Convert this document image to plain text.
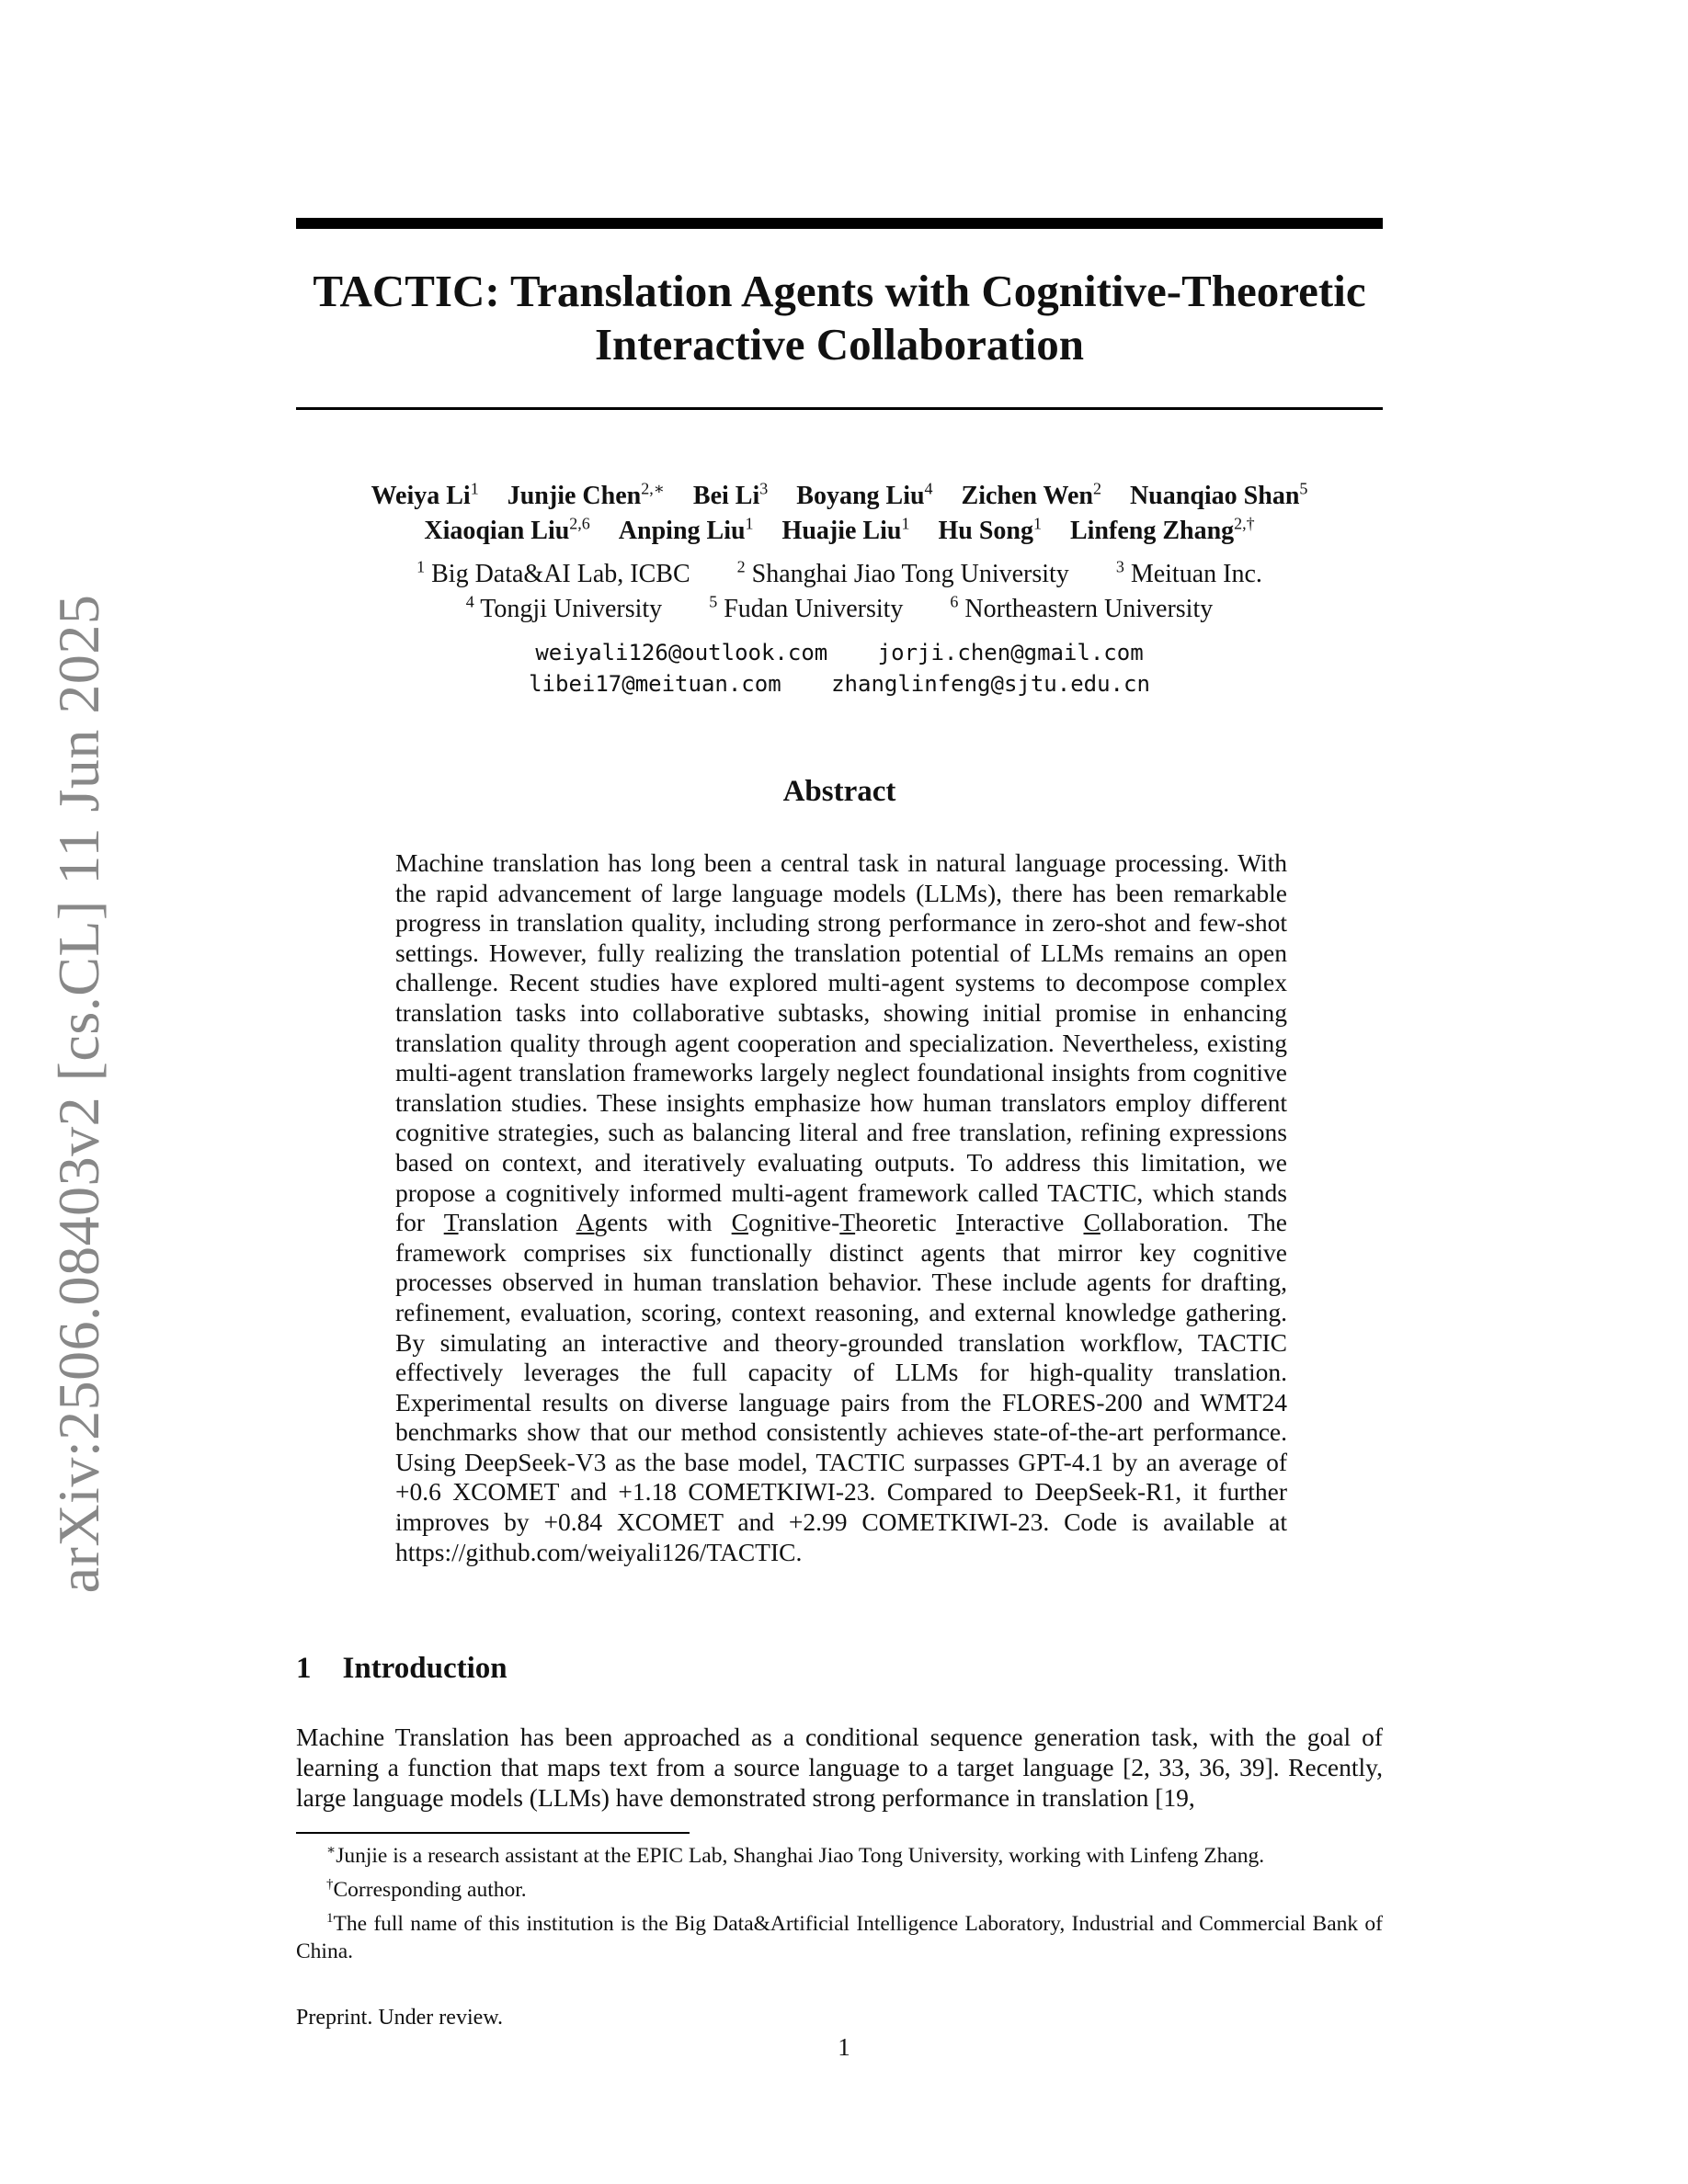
arXiv:2506.08403v2 [cs.CL] 11 Jun 2025
TACTIC: Translation Agents with Cognitive-Theoretic
Interactive Collaboration
Weiya Li$^1$ Junjie Chen$^{2,∗}$ Bei Li$^3$ Boyang Liu$^4$ Zichen Wen$^2$ Nuanqiao Shan$^5$
Xiaoqian Liu$^{2,6}$ Anping Liu$^1$ Huajie Liu$^1$ Hu Song$^1$ Linfeng Zhang$^{2,\dagger}$
$^1$ Big Data&AI Lab, ICBC	$^2$ Shanghai Jiao Tong University	$^3$ Meituan Inc.
$^4$ Tongji University	$^5$ Fudan University	$^6$ Northeastern University
weiyali126@outlook.com jorji.chen@gmail.com
libei17@meituan.com zhanglinfeng@sjtu.edu.cn
Abstract
Machine translation has long been a central task in natural language processing. With the rapid advancement of large language models (LLMs), there has been remarkable progress in translation quality, including strong performance in zero-shot and few-shot settings. However, fully realizing the translation potential of LLMs remains an open challenge. Recent studies have explored multi-agent systems to decompose complex translation tasks into collaborative subtasks, showing initial promise in enhancing translation quality through agent cooperation and specialization. Nevertheless, existing multi-agent translation frameworks largely neglect foundational insights from cognitive translation studies. These insights emphasize how human translators employ different cognitive strategies, such as balancing literal and free translation, refining expressions based on context, and iteratively evaluating outputs. To address this limitation, we propose a cognitively informed multi-agent framework called TACTIC, which stands for Translation Agents with Cognitive-Theoretic Interactive Collaboration. The framework comprises six functionally distinct agents that mirror key cognitive processes observed in human translation behavior. These include agents for drafting, refinement, evaluation, scoring, context reasoning, and external knowledge gathering. By simulating an interactive and theory-grounded translation workflow, TACTIC effectively leverages the full capacity of LLMs for high-quality translation. Experimental results on diverse language pairs from the FLORES-200 and WMT24 benchmarks show that our method consistently achieves state-of-the-art performance. Using DeepSeek-V3 as the base model, TACTIC surpasses GPT-4.1 by an average of +0.6 XCOMET and +1.18 COMETKIWI-23. Compared to DeepSeek-R1, it further improves by +0.84 XCOMET and +2.99 COMETKIWI-23. Code is available at https://github.com/weiyali126/TACTIC.
1 Introduction
Machine Translation has been approached as a conditional sequence generation task, with the goal of learning a function that maps text from a source language to a target language [2, 33, 36, 39]. Recently, large language models (LLMs) have demonstrated strong performance in translation [19,

∗Junjie is a research assistant at the EPIC Lab, Shanghai Jiao Tong University, working with Linfeng Zhang.

†Corresponding author.

$^1$The full name of this institution is the Big Data&Artificial Intelligence Laboratory, Industrial and Commercial Bank of China.

Preprint. Under review.
1
